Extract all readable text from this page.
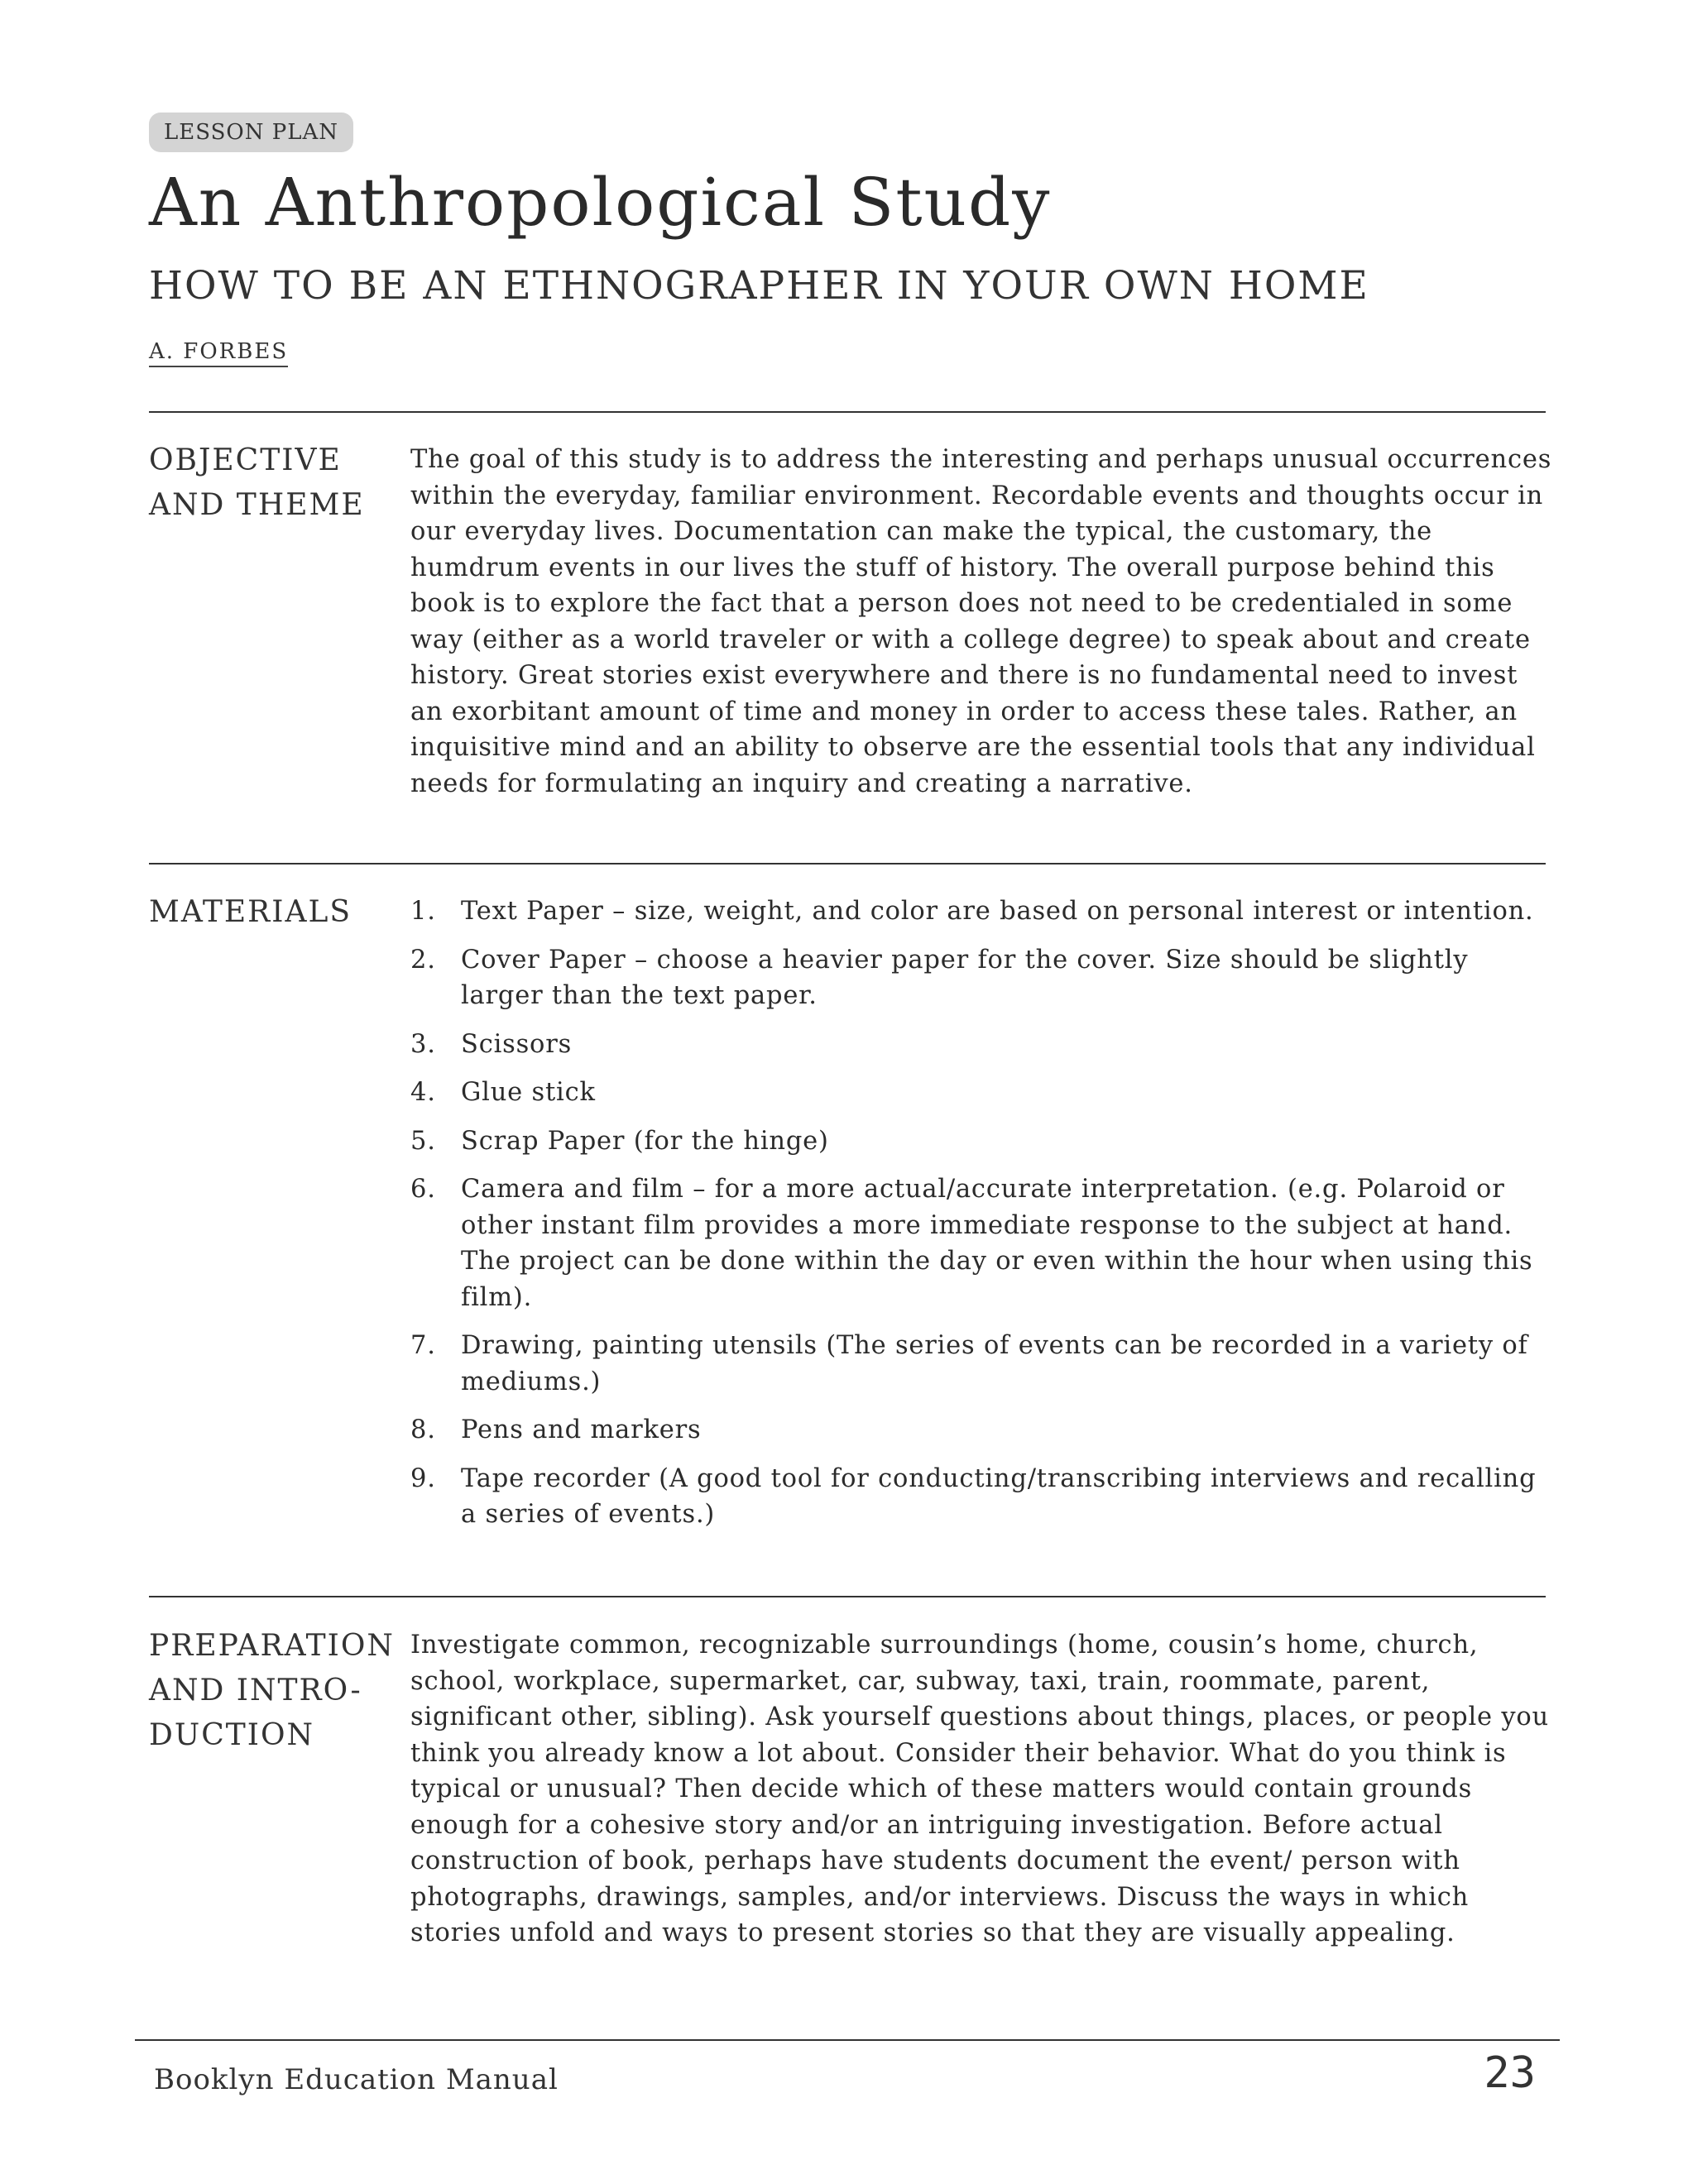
LESSON PLAN
An Anthropological Study
HOW TO BE AN ETHNOGRAPHER IN YOUR OWN HOME
A. FORBES
OBJECTIVE
AND THEME
The goal of this study is to address the interesting and perhaps unusual occurrences within the everyday, familiar environment. Recordable events and thoughts occur in our everyday lives. Documentation can make the typical, the customary, the humdrum events in our lives the stuff of history. The overall purpose behind this book is to explore the fact that a person does not need to be credentialed in some way (either as a world traveler or with a college degree) to speak about and create history. Great stories exist everywhere and there is no fundamental need to invest an exorbitant amount of time and money in order to access these tales. Rather, an inquisitive mind and an ability to observe are the essential tools that any individual needs for formulating an inquiry and creating a narrative.
MATERIALS	1. Text Paper – size, weight, and color are based on personal interest or intention.
2. Cover Paper – choose a heavier paper for the cover. Size should be slightly larger than the text paper.
3. Scissors
4. Glue stick
5. Scrap Paper (for the hinge)
6. Camera and film – for a more actual/accurate interpretation. (e.g. Polaroid or other instant film provides a more immediate response to the subject at hand. The project can be done within the day or even within the hour when using this film).
7. Drawing, painting utensils (The series of events can be recorded in a variety of mediums.)
8. Pens and markers
9. Tape recorder (A good tool for conducting/transcribing interviews and recalling a series of events.)
PREPARATION
AND INTRO-
DUCTION
Investigate common, recognizable surroundings (home, cousin’s home, church, school, workplace, supermarket, car, subway, taxi, train, roommate, parent, significant other, sibling). Ask yourself questions about things, places, or people you think you already know a lot about. Consider their behavior. What do you think is typical or unusual? Then decide which of these matters would contain grounds enough for a cohesive story and/or an intriguing investigation. Before actual construction of book, perhaps have students document the event/ person with photographs, drawings, samples, and/or interviews. Discuss the ways in which stories unfold and ways to present stories so that they are visually appealing.
Booklyn Education Manual	23
